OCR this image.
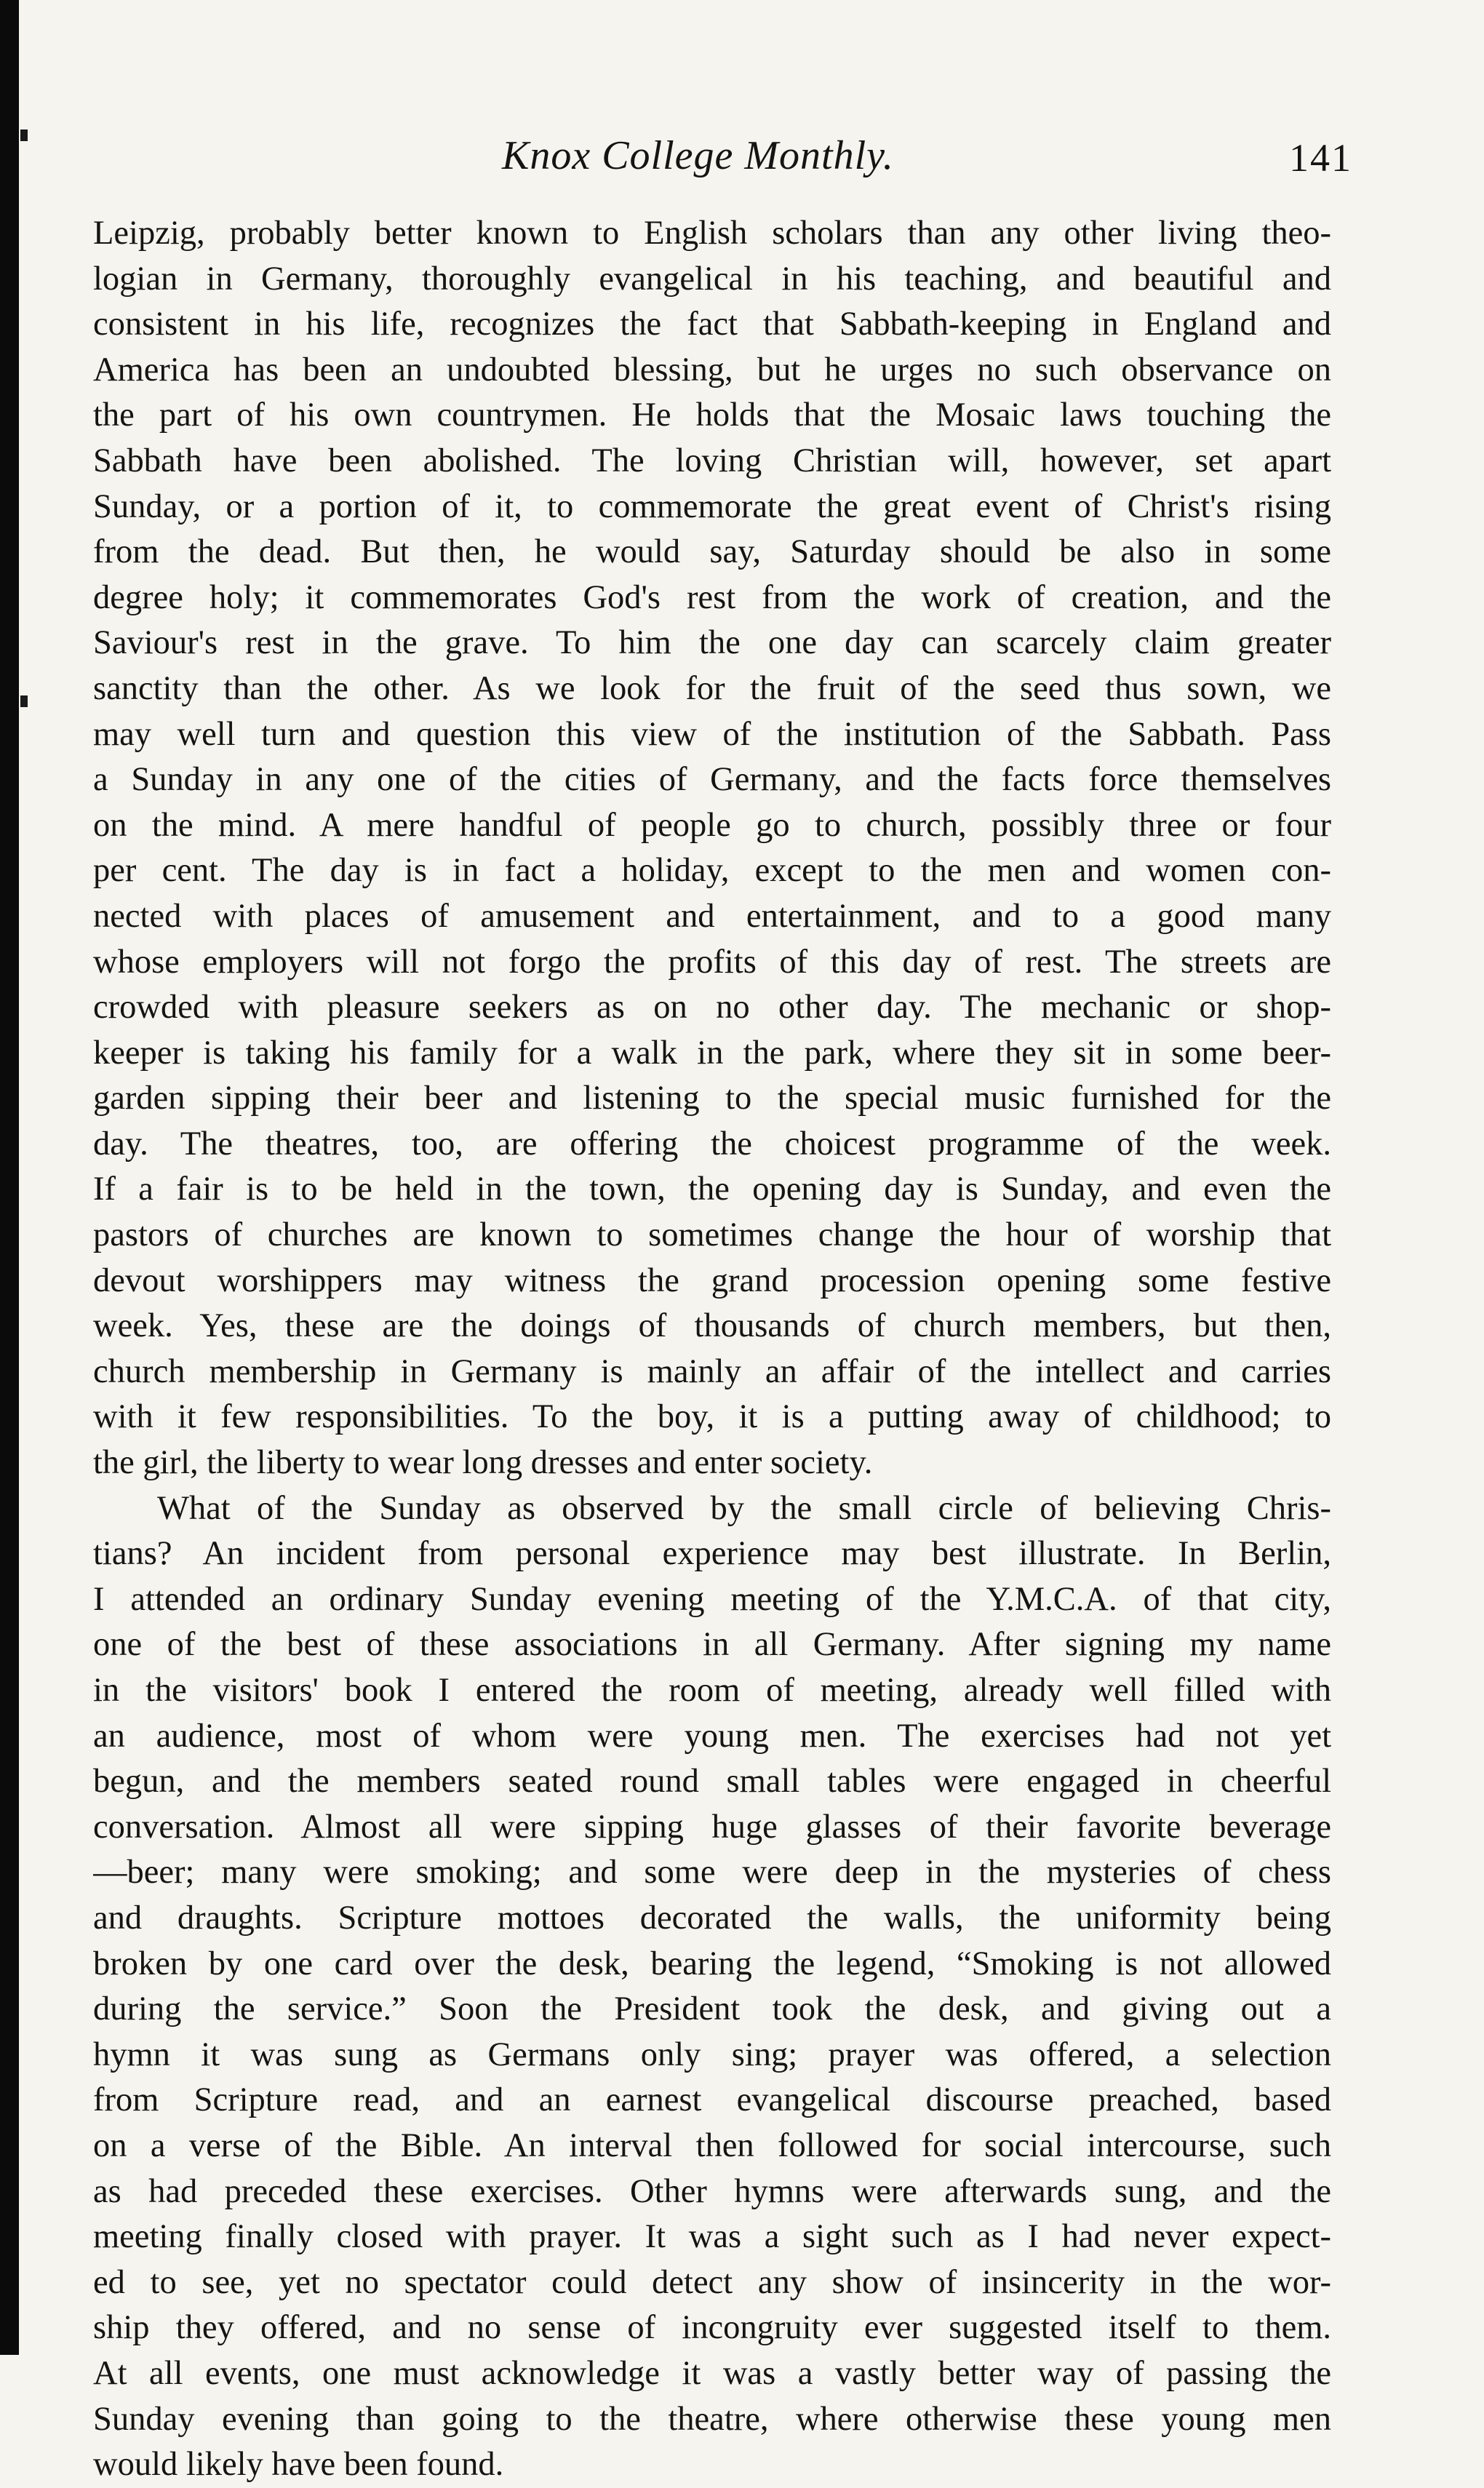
Knox College Monthly.	141
Leipzig, probably better known to English scholars than any other living theo-
logian in Germany, thoroughly evangelical in his teaching, and beautiful and
consistent in his life, recognizes the fact that Sabbath-keeping in England and
America has been an undoubted blessing, but he urges no such observance on
the part of his own countrymen. He holds that the Mosaic laws touching the
Sabbath have been abolished. The loving Christian will, however, set apart
Sunday, or a portion of it, to commemorate the great event of Christ's rising
from the dead. But then, he would say, Saturday should be also in some
degree holy; it commemorates God's rest from the work of creation, and the
Saviour's rest in the grave. To him the one day can scarcely claim greater
sanctity than the other. As we look for the fruit of the seed thus sown, we
may well turn and question this view of the institution of the Sabbath. Pass
a Sunday in any one of the cities of Germany, and the facts force themselves
on the mind. A mere handful of people go to church, possibly three or four
per cent. The day is in fact a holiday, except to the men and women con-
nected with places of amusement and entertainment, and to a good many
whose employers will not forgo the profits of this day of rest. The streets are
crowded with pleasure seekers as on no other day. The mechanic or shop-
keeper is taking his family for a walk in the park, where they sit in some beer-
garden sipping their beer and listening to the special music furnished for the
day. The theatres, too, are offering the choicest programme of the week.
If a fair is to be held in the town, the opening day is Sunday, and even the
pastors of churches are known to sometimes change the hour of worship that
devout worshippers may witness the grand procession opening some festive
week. Yes, these are the doings of thousands of church members, but then,
church membership in Germany is mainly an affair of the intellect and carries
with it few responsibilities. To the boy, it is a putting away of childhood; to
the girl, the liberty to wear long dresses and enter society.
What of the Sunday as observed by the small circle of believing Chris-
tians? An incident from personal experience may best illustrate. In Berlin,
I attended an ordinary Sunday evening meeting of the Y.M.C.A. of that city,
one of the best of these associations in all Germany. After signing my name
in the visitors' book I entered the room of meeting, already well filled with
an audience, most of whom were young men. The exercises had not yet
begun, and the members seated round small tables were engaged in cheerful
conversation. Almost all were sipping huge glasses of their favorite beverage
—beer; many were smoking; and some were deep in the mysteries of chess
and draughts. Scripture mottoes decorated the walls, the uniformity being
broken by one card over the desk, bearing the legend, “Smoking is not allowed
during the service.” Soon the President took the desk, and giving out a
hymn it was sung as Germans only sing; prayer was offered, a selection
from Scripture read, and an earnest evangelical discourse preached, based
on a verse of the Bible. An interval then followed for social intercourse, such
as had preceded these exercises. Other hymns were afterwards sung, and the
meeting finally closed with prayer. It was a sight such as I had never expect-
ed to see, yet no spectator could detect any show of insincerity in the wor-
ship they offered, and no sense of incongruity ever suggested itself to them.
At all events, one must acknowledge it was a vastly better way of passing the
Sunday evening than going to the theatre, where otherwise these young men
would likely have been found.
